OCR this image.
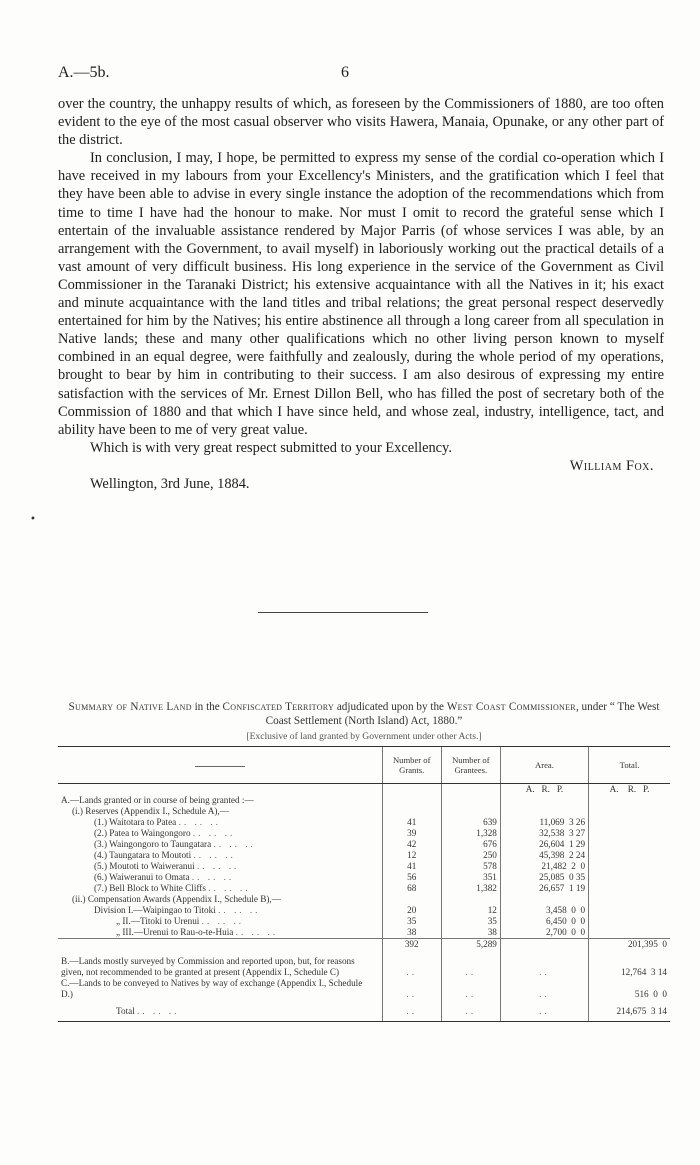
A.—5b.	6

over the country, the unhappy results of which, as foreseen by the Commissioners of 1880, are too often evident to the eye of the most casual observer who visits Hawera, Manaia, Opunake, or any other part of the district.

In conclusion, I may, I hope, be permitted to express my sense of the cordial co-operation which I have received in my labours from your Excellency's Ministers, and the gratification which I feel that they have been able to advise in every single instance the adoption of the recommendations which from time to time I have had the honour to make. Nor must I omit to record the grateful sense which I entertain of the invaluable assistance rendered by Major Parris (of whose services I was able, by an arrangement with the Government, to avail myself) in laboriously working out the practical details of a vast amount of very difficult business. His long experience in the service of the Government as Civil Commissioner in the Taranaki District; his extensive acquaintance with all the Natives in it; his exact and minute acquaintance with the land titles and tribal relations; the great personal respect deservedly entertained for him by the Natives; his entire abstinence all through a long career from all speculation in Native lands; these and many other qualifications which no other living person known to myself combined in an equal degree, were faithfully and zealously, during the whole period of my operations, brought to bear by him in contributing to their success. I am also desirous of expressing my entire satisfaction with the services of Mr. Ernest Dillon Bell, who has filled the post of secretary both of the Commission of 1880 and that which I have since held, and whose zeal, industry, intelligence, tact, and ability have been to me of very great value.

Which is with very great respect submitted to your Excellency.

William Fox.

Wellington, 3rd June, 1884.

•
Summary of Native Land in the Confiscated Territory adjudicated upon by the West Coast Commissioner, under “ The West Coast Settlement (North Island) Act, 1880.”
[Exclusive of land granted by Government under other Acts.]
	Number of Grants.	Number of Grantees.	Area.	Total.
			A.   R.   P.	A.    R.   P.
A.—Lands granted or in course of being granted :—				
(i.) Reserves (Appendix I., Schedule A),—				
(1.) Waitotara to Patea .. .. ..	41	639	11,069  3 26	
(2.) Patea to Waingongoro .. .. ..	39	1,328	32,538  3 27	
(3.) Waingongoro to Taungatara .. .. ..	42	676	26,604  1 29	
(4.) Taungatara to Moutoti .. .. ..	12	250	45,398  2 24	
(5.) Moutoti to Waiweranui .. .. ..	41	578	21,482  2  0	
(6.) Waiweranui to Omata .. .. ..	56	351	25,085  0 35	
(7.) Bell Block to White Cliffs .. .. ..	68	1,382	26,657  1 19	
(ii.) Compensation Awards (Appendix I., Schedule B),—				
Division I.—Waipingao to Titoki .. .. ..	20	12	3,458  0  0	
„ II.—Titoki to Urenui .. .. ..	35	35	6,450  0  0	
„ III.—Urenui to Rau-o-te-Huia .. .. ..	38	38	2,700  0  0	
	392	5,289		201,395  0

B.—Lands mostly surveyed by Commission and reported upon, but, for reasons given, not recommended to be granted at present (Appendix I., Schedule C)	..	..	..	12,764  3 14
C.—Lands to be conveyed to Natives by way of exchange (Appendix I., Schedule D.)	..	..	..	516  0  0
Total .. .. ..	..	..	..	214,675  3 14
